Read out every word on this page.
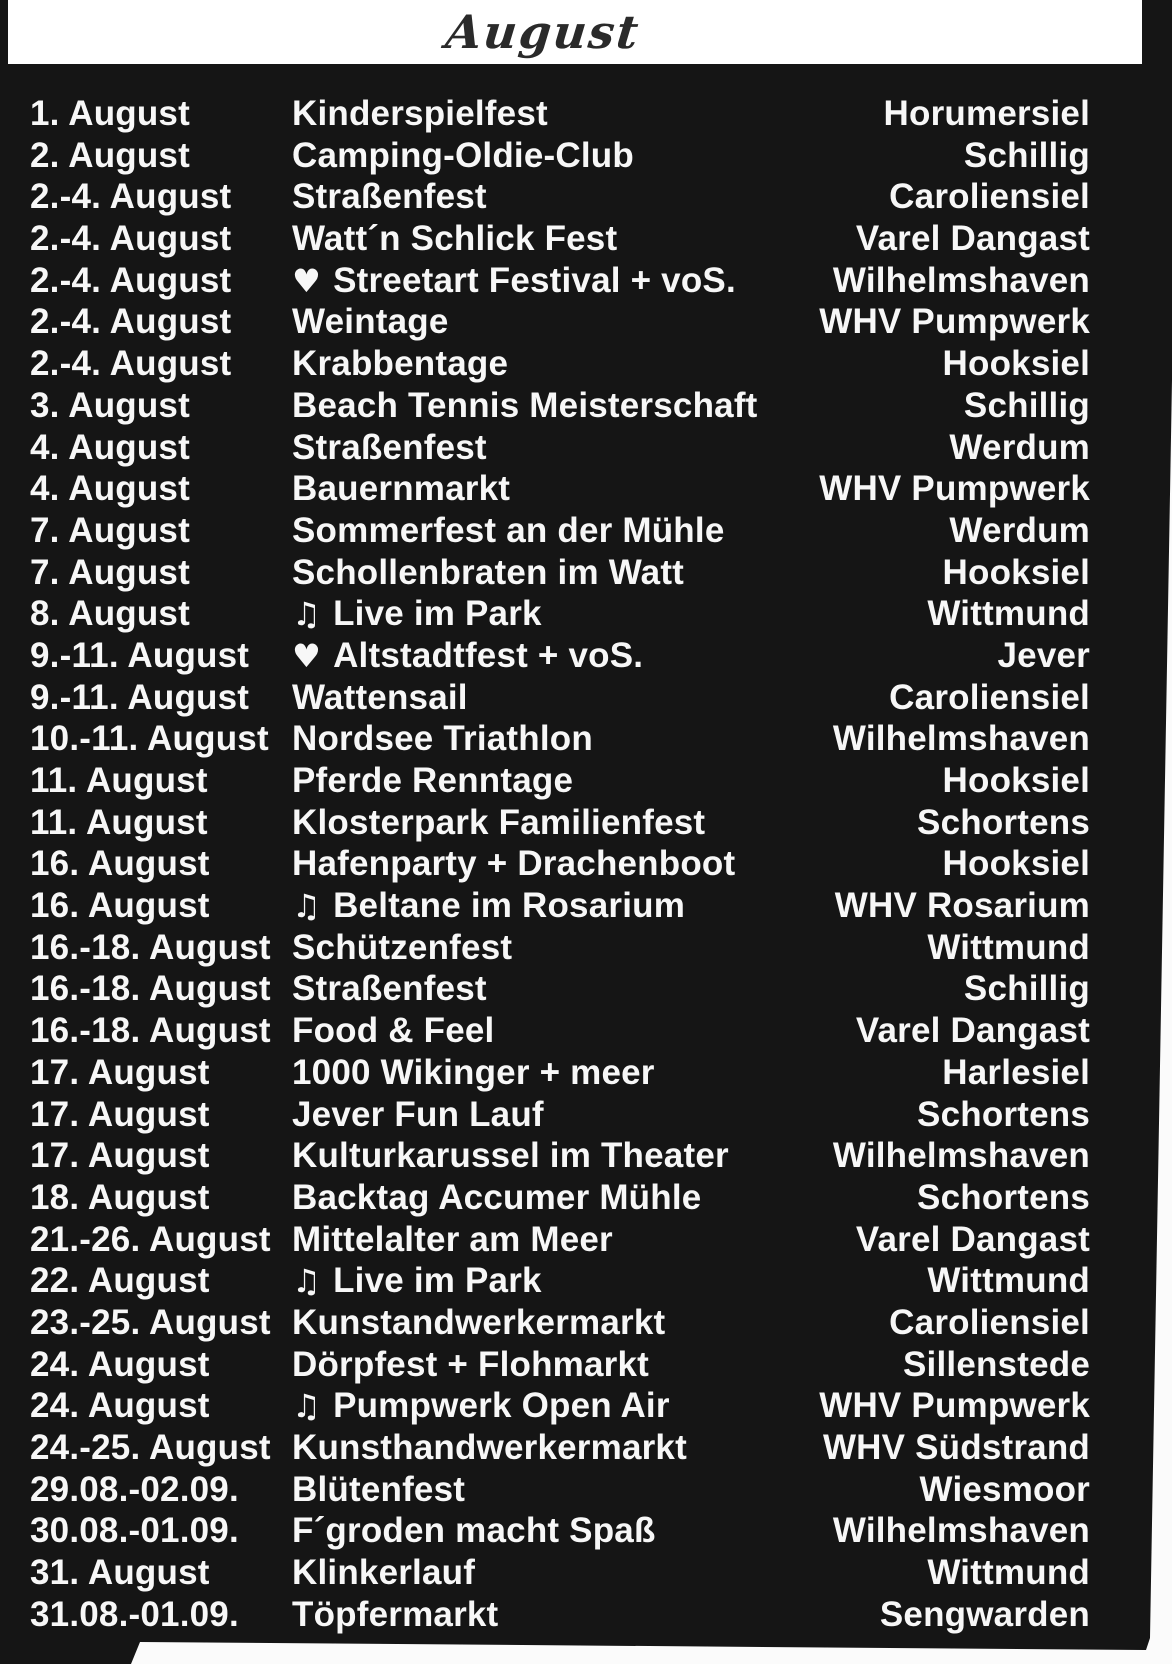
August
1. August	Kinderspielfest	Horumersiel
2. August	Camping-Oldie-Club	Schillig
2.-4. August	Straßenfest	Caroliensiel
2.-4. August	Watt´n Schlick Fest	Varel Dangast
2.-4. August	♥ Streetart Festival + voS.	Wilhelmshaven
2.-4. August	Weintage	WHV Pumpwerk
2.-4. August	Krabbentage	Hooksiel
3. August	Beach Tennis Meisterschaft	Schillig
4. August	Straßenfest	Werdum
4. August	Bauernmarkt	WHV Pumpwerk
7. August	Sommerfest an der Mühle	Werdum
7. August	Schollenbraten im Watt	Hooksiel
8. August	♫ Live im Park	Wittmund
9.-11. August	♥ Altstadtfest + voS.	Jever
9.-11. August	Wattensail	Caroliensiel
10.-11. August Nordsee Triathlon	Wilhelmshaven
11. August	Pferde Renntage	Hooksiel
11. August	Klosterpark Familienfest	Schortens
16. August	Hafenparty + Drachenboot	Hooksiel
16. August	♫ Beltane im Rosarium	WHV Rosarium
16.-18. August Schützenfest	Wittmund
16.-18. August Straßenfest	Schillig
16.-18. August Food & Feel	Varel Dangast
17. August	1000 Wikinger + meer	Harlesiel
17. August	Jever Fun Lauf	Schortens
17. August	Kulturkarussel im Theater	Wilhelmshaven
18. August	Backtag Accumer Mühle	Schortens
21.-26. August Mittelalter am Meer	Varel Dangast
22. August	♫ Live im Park	Wittmund
23.-25. August Kunstandwerkermarkt	Caroliensiel
24. August	Dörpfest + Flohmarkt	Sillenstede
24. August	♫ Pumpwerk Open Air	WHV Pumpwerk
24.-25. August Kunsthandwerkermarkt	WHV Südstrand
29.08.-02.09.	Blütenfest	Wiesmoor
30.08.-01.09.	F´groden macht Spaß	Wilhelmshaven
31. August	Klinkerlauf	Wittmund
31.08.-01.09.	Töpfermarkt	Sengwarden
